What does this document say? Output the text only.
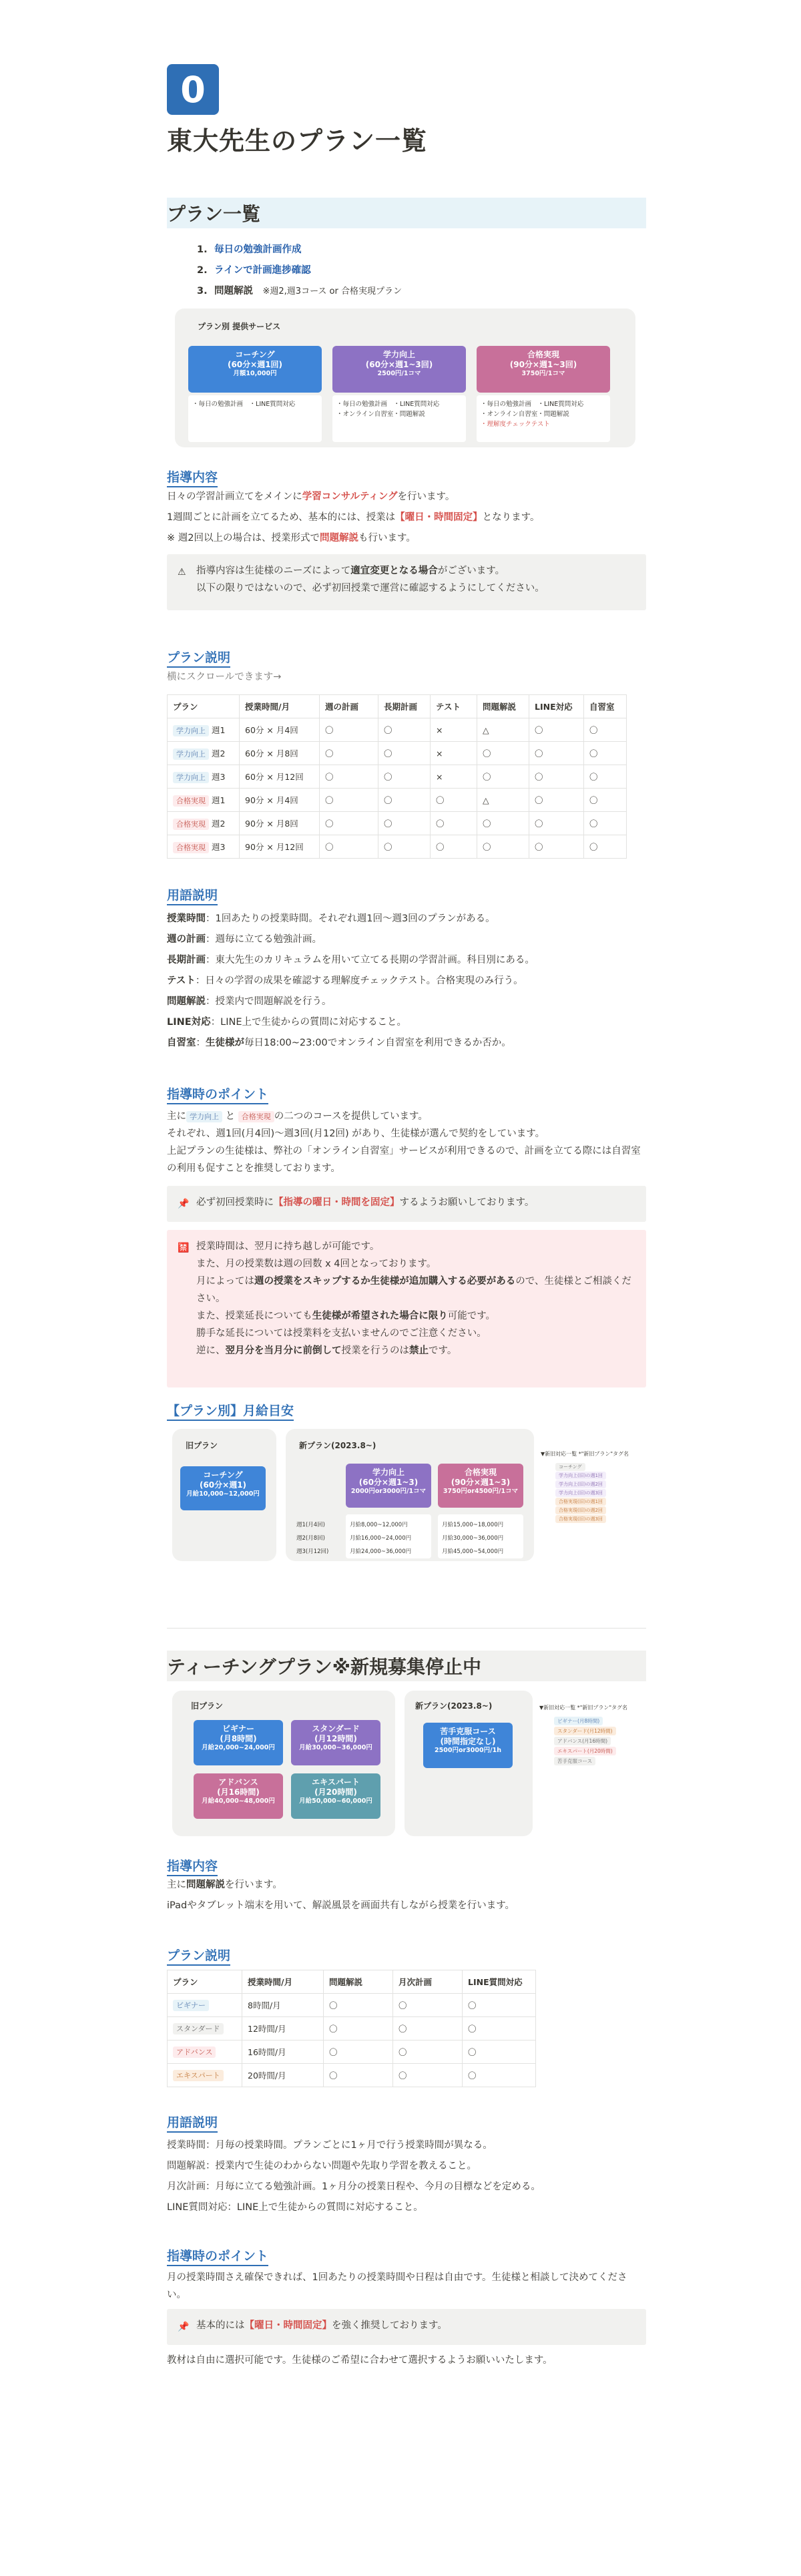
0
東大先生のプラン一覧
プラン一覧
1. 毎日の勉強計画作成
2. ラインで計画進捗確認
3. 問題解説　 ※週2,週3コース or 合格実現プラン
プラン別 提供サービス
コーチング
(60分×週1回)
月額10,000円
・毎日の勉強計画　・LINE質問対応
学力向上
(60分×週1~3回)
2500円/1コマ
・毎日の勉強計画　・LINE質問対応
・オンライン自習室・問題解説
合格実現
(90分×週1~3回)
3750円/1コマ
・毎日の勉強計画　・LINE質問対応
・オンライン自習室・問題解説
・理解度チェックテスト
指導内容
日々の学習計画立てをメインに学習コンサルティングを行います。
1週間ごとに計画を立てるため、基本的には、授業は【曜日・時間固定】となります。
※ 週2回以上の場合は、授業形式で問題解説も行います。
⚠ 指導内容は生徒様のニーズによって適宜変更となる場合がございます。
以下の限りではないので、必ず初回授業で運営に確認するようにしてください。
プラン説明
横にスクロールできます→
プラン	授業時間/月	週の計画	長期計画	テスト	問題解説	LINE対応	自習室
学力向上 週1	60分 × 月4回	〇	〇	×	△	〇	〇
学力向上 週2	60分 × 月8回	〇	〇	×	〇	〇	〇
学力向上 週3	60分 × 月12回	〇	〇	×	〇	〇	〇
合格実現 週1	90分 × 月4回	〇	〇	〇	△	〇	〇
合格実現 週2	90分 × 月8回	〇	〇	〇	〇	〇	〇
合格実現 週3	90分 × 月12回	〇	〇	〇	〇	〇	〇
用語説明
授業時間：1回あたりの授業時間。それぞれ週1回～週3回のプランがある。
週の計画：週毎に立てる勉強計画。
長期計画：東大先生のカリキュラムを用いて立てる長期の学習計画。科目別にある。
テスト：日々の学習の成果を確認する理解度チェックテスト。合格実現のみ行う。
問題解説：授業内で問題解説を行う。
LINE対応：LINE上で生徒からの質問に対応すること。
自習室：生徒様が毎日18:00~23:00でオンライン自習室を利用できるか否か。
指導時のポイント
主に 学力向上 と 合格実現 の二つのコースを提供しています。
それぞれ、週1回(月4回)～週3回(月12回) があり、生徒様が選んで契約をしています。
上記プランの生徒様は、弊社の「オンライン自習室」サービスが利用できるので、計画を立てる際には自習室の利用も促すことを推奨しております。
📌 必ず初回授業時に【指導の曜日・時間を固定】するようお願いしております。
🈲 授業時間は、翌月に持ち越しが可能です。
また、月の授業数は週の回数 x 4回となっております。
月によっては週の授業をスキップするか生徒様が追加購入する必要があるので、生徒様とご相談ください。
また、授業延長についても生徒様が希望された場合に限り可能です。
勝手な延長については授業料を支払いませんのでご注意ください。
逆に、翌月分を当月分に前倒して授業を行うのは禁止です。
【プラン別】月給目安
旧プラン
コーチング
(60分×週1)
月給10,000~12,000円
新プラン(2023.8~)
学力向上
(60分×週1~3)
2000円or3000円/1コマ
合格実現
(90分×週1~3)
3750円or4500円/1コマ
週1(月4回)
週2(月8回)
週3(月12回)
月給8,000~12,000円
月給16,000~24,000円
月給24,000~36,000円
月給15,000~18,000円
月給30,000~36,000円
月給45,000~54,000円
▼新旧対応一覧 *"新旧プラン"タグ名
コーチング
学力向上(旧)の週1回
学力向上(旧)の週2回
学力向上(旧)の週3回
合格実現(旧)の週1回
合格実現(旧)の週2回
合格実現(旧)の週3回
ティーチングプラン※新規募集停止中
旧プラン
ビギナー
(月8時間)
月給20,000~24,000円
スタンダード
(月12時間)
月給30,000~36,000円
アドバンス
(月16時間)
月給40,000~48,000円
エキスパート
(月20時間)
月給50,000~60,000円
新プラン(2023.8~)
苦手克服コース
(時間指定なし)
2500円or3000円/1h
▼新旧対応一覧 *"新旧プラン"タグ名
ビギナー(月8時間)
スタンダード(月12時間)
アドバンス(月16時間)
エキスパート(月20時間)
苦手克服コース
指導内容
主に問題解説を行います。
iPadやタブレット端末を用いて、解説風景を画面共有しながら授業を行います。
プラン説明
プラン	授業時間/月	問題解説	月次計画	LINE質問対応
ビギナー	8時間/月	〇	〇	〇
スタンダード	12時間/月	〇	〇	〇
アドバンス	16時間/月	〇	〇	〇
エキスパート	20時間/月	〇	〇	〇
用語説明
授業時間：月毎の授業時間。プランごとに1ヶ月で行う授業時間が異なる。
問題解説：授業内で生徒のわからない問題や先取り学習を教えること。
月次計画：月毎に立てる勉強計画。1ヶ月分の授業日程や、今月の目標などを定める。
LINE質問対応：LINE上で生徒からの質問に対応すること。
指導時のポイント
月の授業時間さえ確保できれば、1回あたりの授業時間や日程は自由です。生徒様と相談して決めてください。
📌 基本的には【曜日・時間固定】を強く推奨しております。
教材は自由に選択可能です。生徒様のご希望に合わせて選択するようお願いいたします。
